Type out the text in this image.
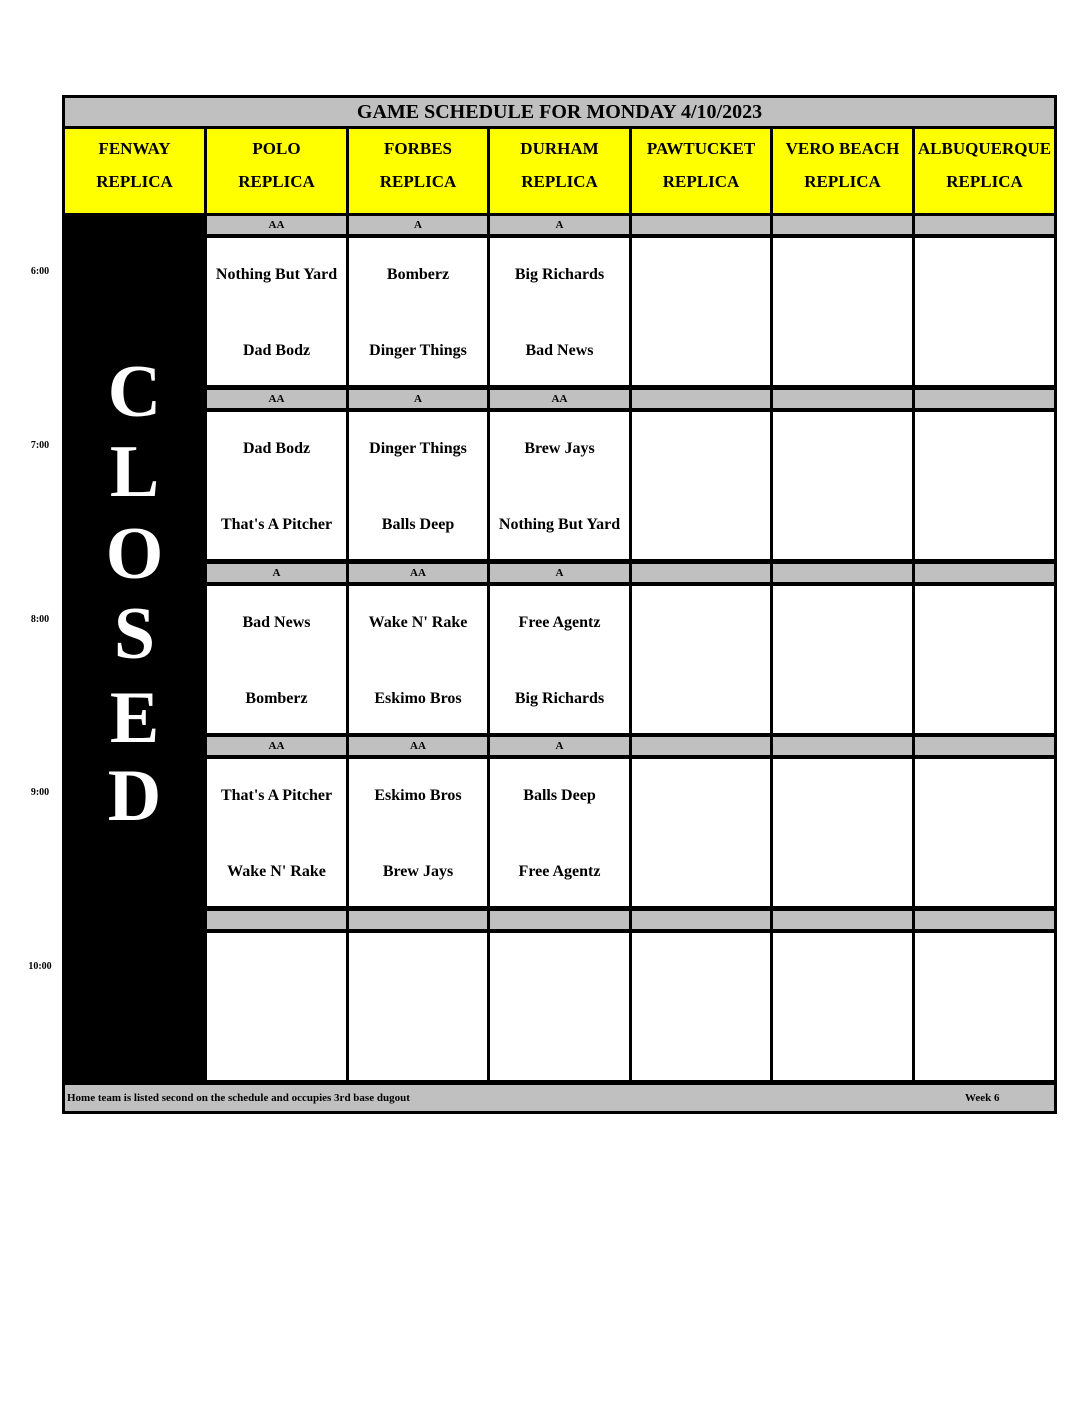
GAME SCHEDULE FOR MONDAY 4/10/2023
Home team is listed second on the schedule and occupies 3rd base dugout	Week 6
FENWAY
REPLICA
POLO
REPLICA
FORBES
REPLICA
DURHAM
REPLICA
PAWTUCKET
REPLICA
VERO BEACH
REPLICA
ALBUQUERQUE
REPLICA
C
L
O
S
E
D
AA
Nothing But Yard
Dad Bodz
A
Bomberz
Dinger Things
A
Big Richards
Bad News
AA
Dad Bodz
That's A Pitcher
A
Dinger Things
Balls Deep
AA
Brew Jays
Nothing But Yard
A
Bad News
Bomberz
AA
Wake N' Rake
Eskimo Bros
A
Free Agentz
Big Richards
AA
That's A Pitcher
Wake N' Rake
AA
Eskimo Bros
Brew Jays
A
Balls Deep
Free Agentz
6:00
7:00
8:00
9:00
10:00
